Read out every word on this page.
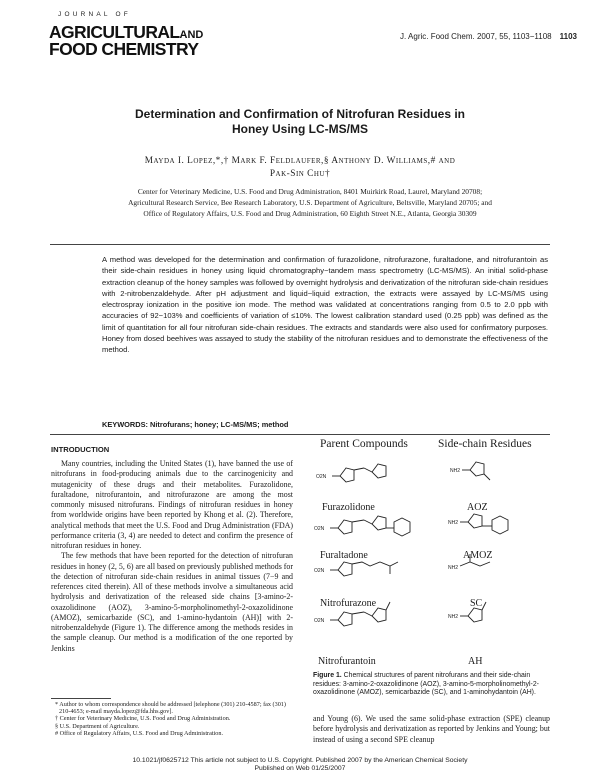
JOURNAL OF
AGRICULTURALAND
FOOD CHEMISTRY
J. Agric. Food Chem. 2007, 55, 1103−1108 1103
Determination and Confirmation of Nitrofuran Residues in
Honey Using LC-MS/MS
Mayda I. Lopez,*,† Mark F. Feldlaufer,§ Anthony D. Williams,# and
Pak-Sin Chu†
Center for Veterinary Medicine, U.S. Food and Drug Administration, 8401 Muirkirk Road, Laurel, Maryland 20708; Agricultural Research Service, Bee Research Laboratory, U.S. Department of Agriculture, Beltsville, Maryland 20705; and Office of Regulatory Affairs, U.S. Food and Drug Administration, 60 Eighth Street N.E., Atlanta, Georgia 30309
A method was developed for the determination and confirmation of furazolidone, nitrofurazone, furaltadone, and nitrofurantoin as their side-chain residues in honey using liquid chromatography−tandem mass spectrometry (LC-MS/MS). An initial solid-phase extraction cleanup of the honey samples was followed by overnight hydrolysis and derivatization of the nitrofuran side-chain residues with 2-nitrobenzaldehyde. After pH adjustment and liquid−liquid extraction, the extracts were assayed by LC-MS/MS using electrospray ionization in the positive ion mode. The method was validated at concentrations ranging from 0.5 to 2.0 ppb with accuracies of 92−103% and coefficients of variation of ≤10%. The lowest calibration standard used (0.25 ppb) was defined as the limit of quantitation for all four nitrofuran side-chain residues. The extracts and standards were also used for confirmatory purposes. Honey from dosed beehives was assayed to study the stability of the nitrofuran residues and to demonstrate the effectiveness of the method.
KEYWORDS: Nitrofurans; honey; LC-MS/MS; method
INTRODUCTION

Many countries, including the United States (1), have banned the use of nitrofurans in food-producing animals due to the carcinogenicity and mutagenicity of these drugs and their metabolites. Furazolidone, furaltadone, nitrofurantoin, and nitrofurazone are among the most commonly misused nitrofurans. Findings of nitrofuran residues in honey from worldwide origins have been reported by Khong et al. (2). Therefore, analytical methods that meet the U.S. Food and Drug Administration (FDA) performance criteria (3, 4) are needed to detect and confirm the presence of nitrofuran residues in honey.

The few methods that have been reported for the detection of nitrofuran residues in honey (2, 5, 6) are all based on previously published methods for the detection of nitrofuran side-chain residues in animal tissues (7−9 and references cited therein). All of these methods involve a simultaneous acid hydrolysis and derivatization of the released side chains [3-amino-2-oxazolidinone (AOZ), 3-amino-5-morpholinomethyl-2-oxazolidinone (AMOZ), semicarbazide (SC), and 1-amino-hydantoin (AH)] with 2-nitrobenzaldehyde (Figure 1). The difference among the methods resides in the sample cleanup. Our method is a modification of the one reported by Jenkins

* Author to whom correspondence should be addressed [telephone (301) 210-4587; fax (301) 210-4653; e-mail mayda.lopez@fda.hhs.gov].
† Center for Veterinary Medicine, U.S. Food and Drug Administration.
§ U.S. Department of Agriculture.
# Office of Regulatory Affairs, U.S. Food and Drug Administration.
Parent Compounds	Side-chain Residues
O2N
NH2
O2N
NH2
O2N	NH2
O2N
NH2
Furazolidone
Furaltadone
Nitrofurazone
Nitrofurantoin
AOZ
AMOZ
SC
AH
Figure 1. Chemical structures of parent nitrofurans and their side-chain residues: 3-amino-2-oxazolidinone (AOZ), 3-amino-5-morpholinomethyl-2-oxazolidinone (AMOZ), semicarbazide (SC), and 1-aminohydantoin (AH).
and Young (6). We used the same solid-phase extraction (SPE) cleanup before hydrolysis and derivatization as reported by Jenkins and Young; but instead of using a second SPE cleanup
10.1021/jf0625712 This article not subject to U.S. Copyright. Published 2007 by the American Chemical Society
Published on Web 01/25/2007
